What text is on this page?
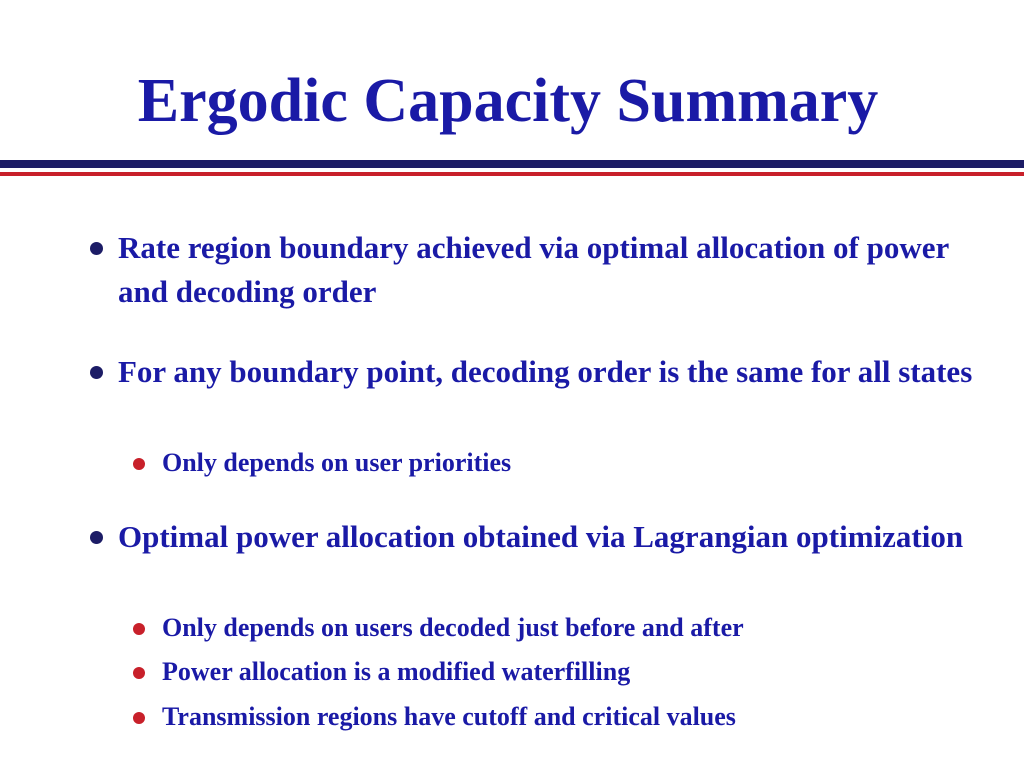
Ergodic Capacity Summary
Rate region boundary achieved via optimal allocation of power and decoding order
For any boundary point, decoding order is the same for all states
Only depends on user priorities
Optimal power allocation obtained via Lagrangian optimization
Only depends on users decoded just before and after
Power allocation is a modified waterfilling
Transmission regions have cutoff and critical values
